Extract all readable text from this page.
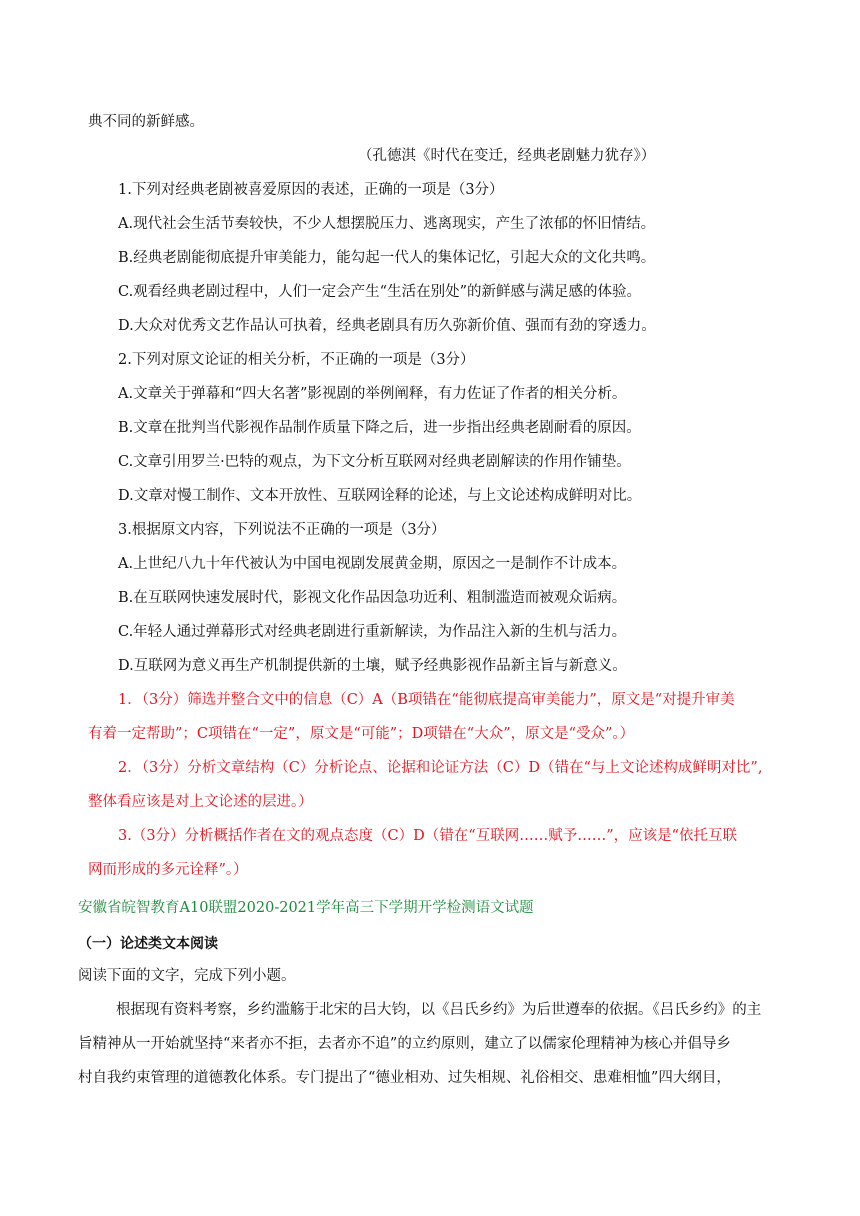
典不同的新鲜感。
（孔德淇《时代在变迁，经典老剧魅力犹存》）
1.下列对经典老剧被喜爱原因的表述，正确的一项是（3分）
A.现代社会生活节奏较快，不少人想摆脱压力、逃离现实，产生了浓郁的怀旧情结。
B.经典老剧能彻底提升审美能力，能勾起一代人的集体记忆，引起大众的文化共鸣。
C.观看经典老剧过程中，人们一定会产生“生活在别处”的新鲜感与满足感的体验。
D.大众对优秀文艺作品认可执着，经典老剧具有历久弥新价值、强而有劲的穿透力。
2.下列对原文论证的相关分析，不正确的一项是（3分）
A.文章关于弹幕和“四大名著”影视剧的举例阐释，有力佐证了作者的相关分析。
B.文章在批判当代影视作品制作质量下降之后，进一步指出经典老剧耐看的原因。
C.文章引用罗兰·巴特的观点，为下文分析互联网对经典老剧解读的作用作铺垫。
D.文章对慢工制作、文本开放性、互联网诠释的论述，与上文论述构成鲜明对比。
3.根据原文内容，下列说法不正确的一项是（3分）
A.上世纪八九十年代被认为中国电视剧发展黄金期，原因之一是制作不计成本。
B.在互联网快速发展时代，影视文化作品因急功近利、粗制滥造而被观众诟病。
C.年轻人通过弹幕形式对经典老剧进行重新解读，为作品注入新的生机与活力。
D.互联网为意义再生产机制提供新的土壤，赋予经典影视作品新主旨与新意义。
1．（3分）筛选并整合文中的信息（C）A（B项错在“能彻底提高审美能力”，原文是“对提升审美
有着一定帮助”；C项错在“一定”，原文是“可能”；D项错在“大众”，原文是“受众”。）
2．（3分）分析文章结构（C）分析论点、论据和论证方法（C）D（错在“与上文论述构成鲜明对比”,
整体看应该是对上文论述的层进。）
3.（3分）分析概括作者在文的观点态度（C）D（错在“互联网……赋予……”，应该是“依托互联
网而形成的多元诠释”。）
安徽省皖智教育A10联盟2020-2021学年高三下学期开学检测语文试题
（一）论述类文本阅读
阅读下面的文字，完成下列小题。
根据现有资料考察，乡约滥觞于北宋的吕大钧，以《吕氏乡约》为后世遵奉的依据。《吕氏乡约》的主
旨精神从一开始就坚持“来者亦不拒，去者亦不追”的立约原则，建立了以儒家伦理精神为核心并倡导乡
村自我约束管理的道德教化体系。专门提出了“德业相劝、过失相规、礼俗相交、患难相恤”四大纲目，
